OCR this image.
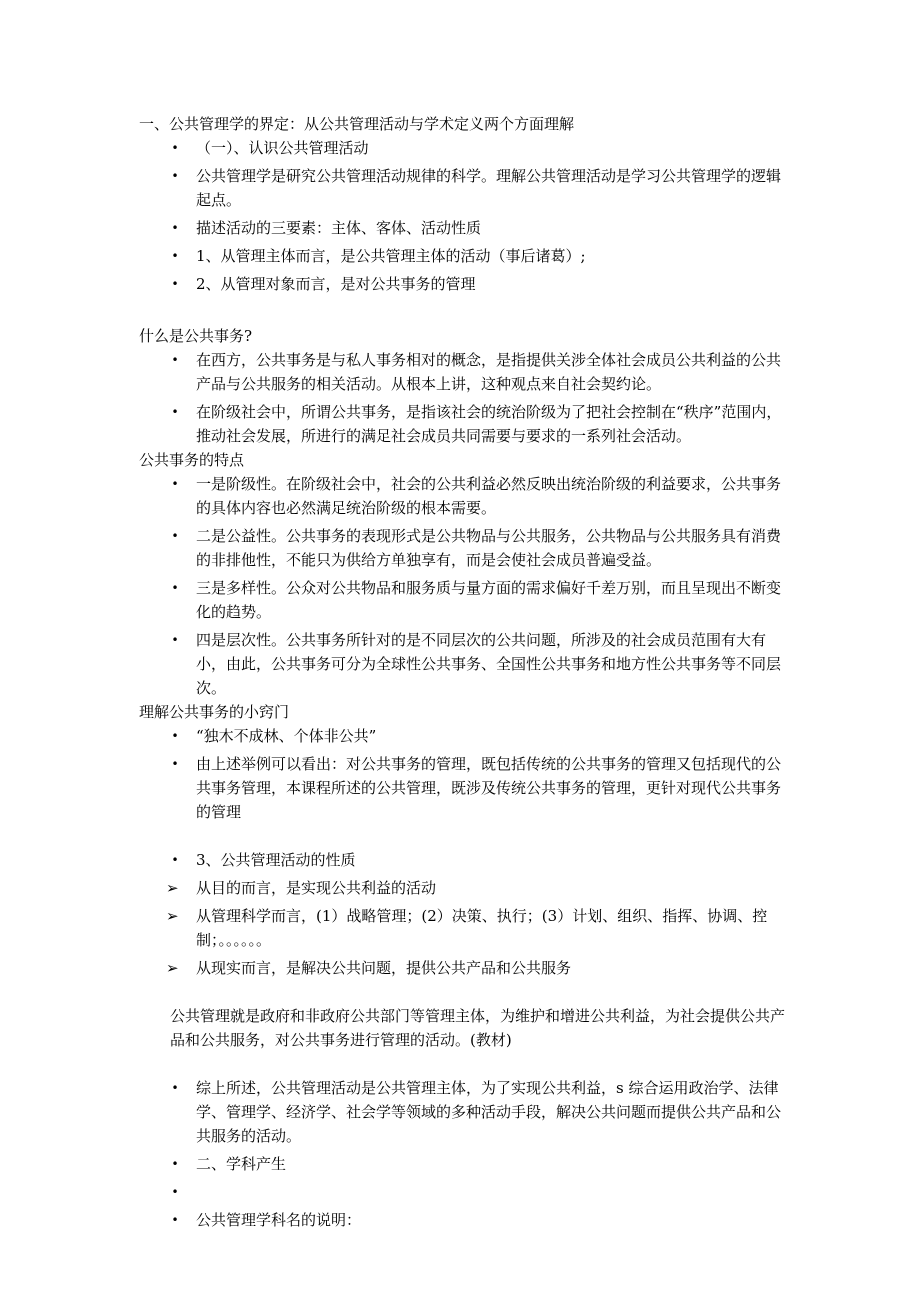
一、公共管理学的界定：从公共管理活动与学术定义两个方面理解

•	（一）、认识公共管理活动
•	公共管理学是研究公共管理活动规律的科学。理解公共管理活动是学习公共管理学的逻辑起点。
•	描述活动的三要素：主体、客体、活动性质
•	1、从管理主体而言，是公共管理主体的活动（事后诸葛）;
•	2、从管理对象而言，是对公共事务的管理

什么是公共事务?

•	在西方，公共事务是与私人事务相对的概念，是指提供关涉全体社会成员公共利益的公共产品与公共服务的相关活动。从根本上讲，这种观点来自社会契约论。
•	在阶级社会中，所谓公共事务，是指该社会的统治阶级为了把社会控制在“秩序”范围内，推动社会发展，所进行的满足社会成员共同需要与要求的一系列社会活动。

公共事务的特点

•	一是阶级性。在阶级社会中，社会的公共利益必然反映出统治阶级的利益要求，公共事务的具体内容也必然满足统治阶级的根本需要。
•	二是公益性。公共事务的表现形式是公共物品与公共服务，公共物品与公共服务具有消费的非排他性，不能只为供给方单独享有，而是会使社会成员普遍受益。
•	三是多样性。公众对公共物品和服务质与量方面的需求偏好千差万别，而且呈现出不断变化的趋势。
•	四是层次性。公共事务所针对的是不同层次的公共问题，所涉及的社会成员范围有大有小，由此，公共事务可分为全球性公共事务、全国性公共事务和地方性公共事务等不同层次。

理解公共事务的小窍门

•	“独木不成林、个体非公共”
•	由上述举例可以看出：对公共事务的管理，既包括传统的公共事务的管理又包括现代的公共事务管理，本课程所述的公共管理，既涉及传统公共事务的管理，更针对现代公共事务的管理
•	3、公共管理活动的性质
➢	从目的而言，是实现公共利益的活动
➢	从管理科学而言，(1）战略管理；(2）决策、执行；(3）计划、组织、指挥、协调、控制；。。。。。。
➢	从现实而言，是解决公共问题，提供公共产品和公共服务

公共管理就是政府和非政府公共部门等管理主体，为维护和增进公共利益，为社会提供公共产品和公共服务，对公共事务进行管理的活动。(教材)

•	综上所述，公共管理活动是公共管理主体，为了实现公共利益，s 综合运用政治学、法律学、管理学、经济学、社会学等领域的多种活动手段，解决公共问题而提供公共产品和公共服务的活动。
•	二、学科产生
•
•	公共管理学科名的说明：
